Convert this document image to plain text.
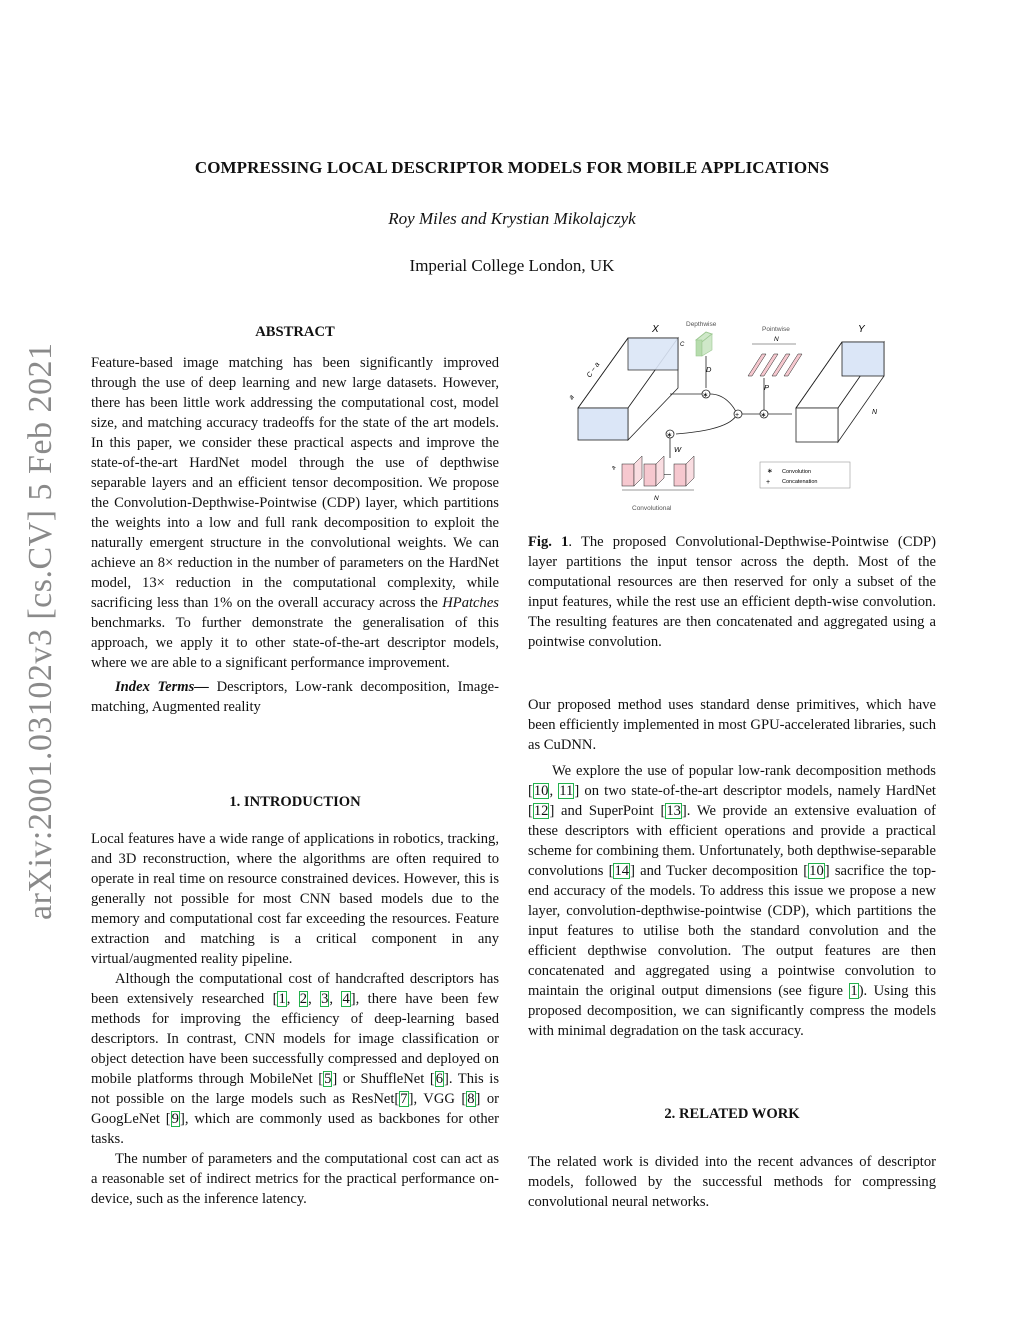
arXiv:2001.03102v3 [cs.CV] 5 Feb 2021
COMPRESSING LOCAL DESCRIPTOR MODELS FOR MOBILE APPLICATIONS
Roy Miles and Krystian Mikolajczyk
Imperial College London, UK
ABSTRACT

Feature-based image matching has been significantly improved through the use of deep learning and new large datasets. However, there has been little work addressing the computational cost, model size, and matching accuracy tradeoffs for the state of the art models. In this paper, we consider these practical aspects and improve the state-of-the-art HardNet model through the use of depthwise separable layers and an efficient tensor decomposition. We propose the Convolution-Depthwise-Pointwise (CDP) layer, which partitions the weights into a low and full rank decomposition to exploit the naturally emergent structure in the convolutional weights. We can achieve an 8× reduction in the number of parameters on the HardNet model, 13× reduction in the computational complexity, while sacrificing less than 1% on the overall accuracy across the HPatches benchmarks. To further demonstrate the generalisation of this approach, we apply it to other state-of-the-art descriptor models, where we are able to a significant performance improvement.

Index Terms— Descriptors, Low-rank decomposition, Image-matching, Augmented reality

1. INTRODUCTION

Local features have a wide range of applications in robotics, tracking, and 3D reconstruction, where the algorithms are often required to operate in real time on resource constrained devices. However, this is generally not possible for most CNN based models due to the memory and computational cost far exceeding the resources. Feature extraction and matching is a critical component in any virtual/augmented reality pipeline.

Although the computational cost of handcrafted descriptors has been extensively researched [1, 2, 3, 4], there have been few methods for improving the efficiency of deep-learning based descriptors. In contrast, CNN models for image classification or object detection have been successfully compressed and deployed on mobile platforms through MobileNet [5] or ShuffleNet [6]. This is not possible on the large models such as ResNet[7], VGG [8] or GoogLeNet [9], which are commonly used as backbones for other tasks.

The number of parameters and the computational cost can act as a reasonable set of indirect metrics for the practical performance on-device, such as the inference latency.

X
C − a
a
Depthwise
C
D
Pointwise
N
P
Y
N
∗
+	∗
∗
W
—
a
N
Convolutional
∗ Convolution
+ Concatenation

Fig. 1. The proposed Convolutional-Depthwise-Pointwise (CDP) layer partitions the input tensor across the depth. Most of the computational resources are then reserved for only a subset of the input features, while the rest use an efficient depth-wise convolution. The resulting features are then concatenated and aggregated using a pointwise convolution.

Our proposed method uses standard dense primitives, which have been efficiently implemented in most GPU-accelerated libraries, such as CuDNN.

We explore the use of popular low-rank decomposition methods [10, 11] on two state-of-the-art descriptor models, namely HardNet [12] and SuperPoint [13]. We provide an extensive evaluation of these descriptors with efficient operations and provide a practical scheme for combining them. Unfortunately, both depthwise-separable convolutions [14] and Tucker decomposition [10] sacrifice the top-end accuracy of the models. To address this issue we propose a new layer, convolution-depthwise-pointwise (CDP), which partitions the input features to utilise both the standard convolution and the efficient depthwise convolution. The output features are then concatenated and aggregated using a pointwise convolution to maintain the original output dimensions (see figure 1). Using this proposed decomposition, we can significantly compress the models with minimal degradation on the task accuracy.

2. RELATED WORK

The related work is divided into the recent advances of descriptor models, followed by the successful methods for compressing convolutional neural networks.
